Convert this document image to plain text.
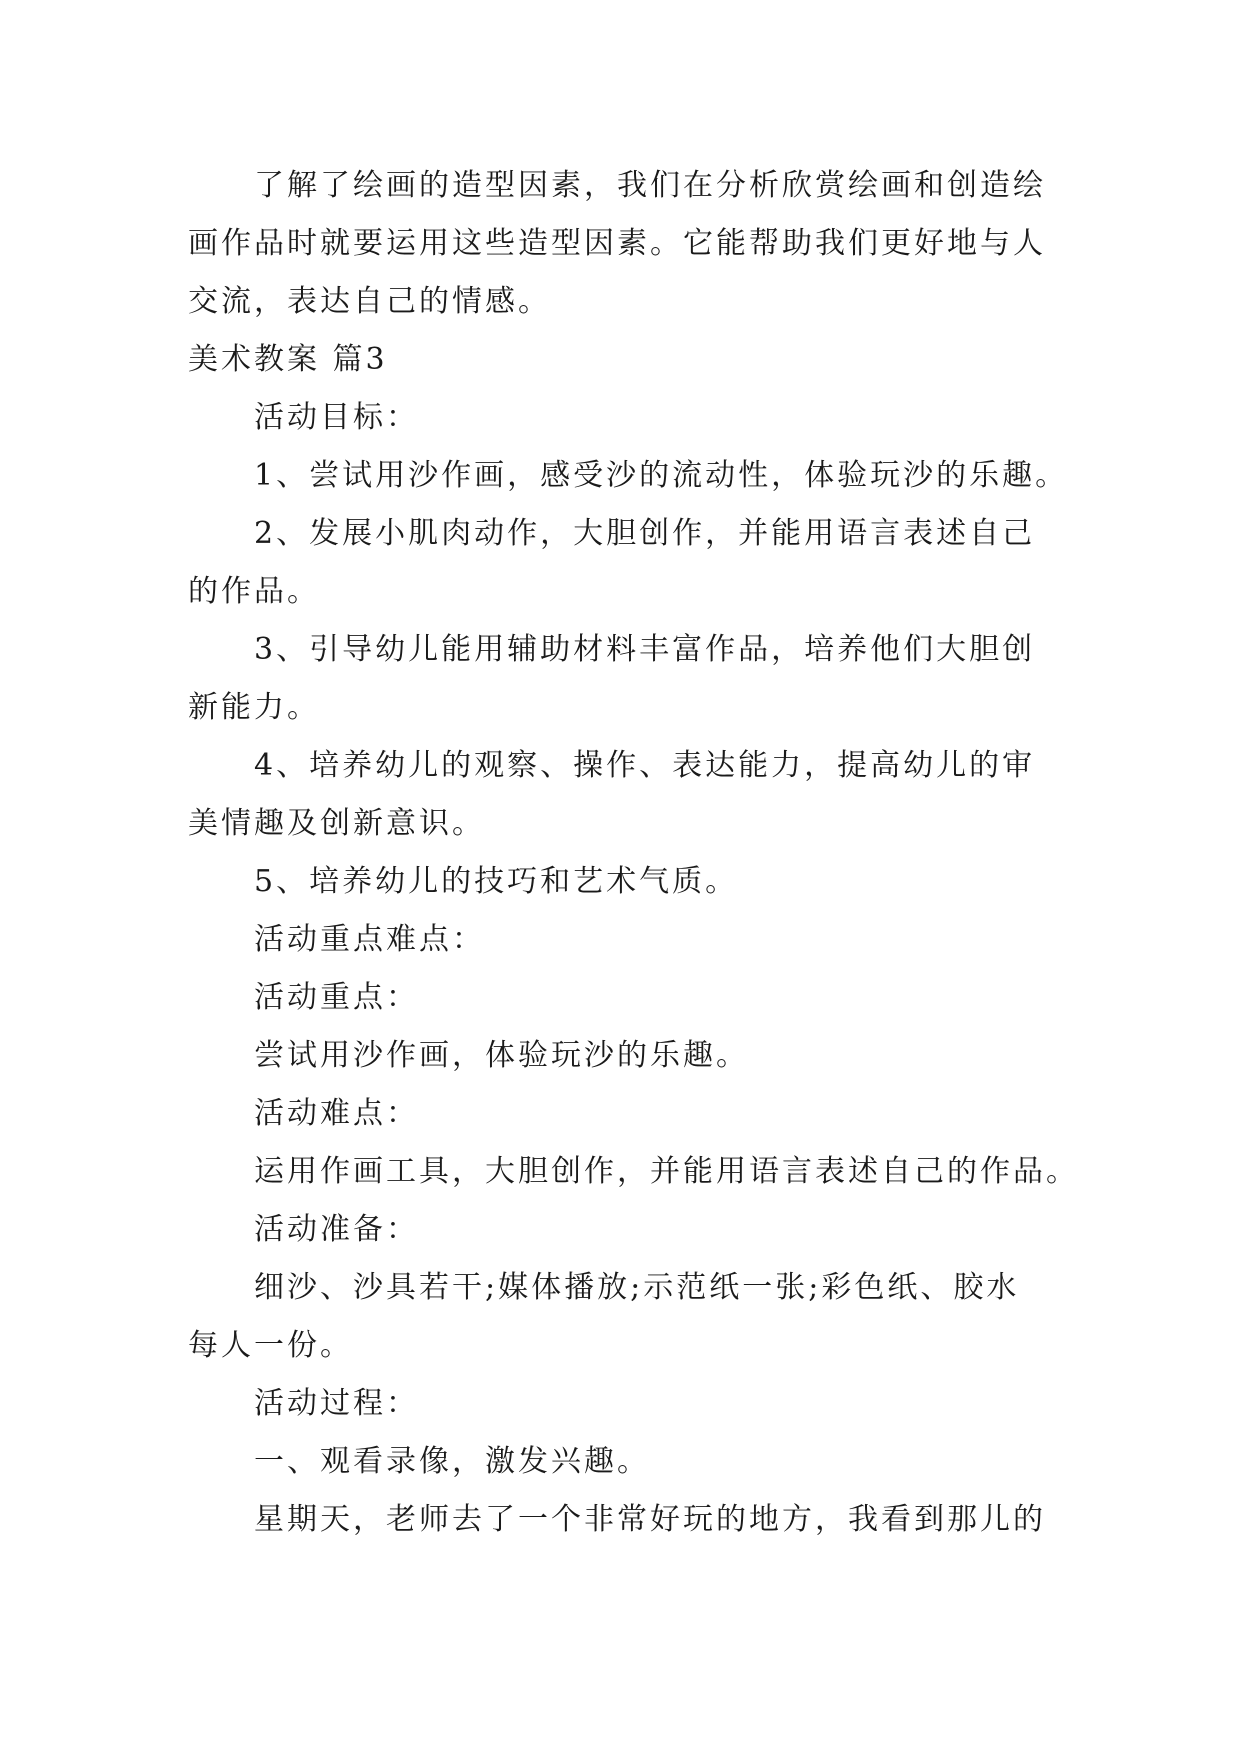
了解了绘画的造型因素，我们在分析欣赏绘画和创造绘
画作品时就要运用这些造型因素。它能帮助我们更好地与人
交流，表达自己的情感。
美术教案 篇3
活动目标：
1、尝试用沙作画，感受沙的流动性，体验玩沙的乐趣。
2、发展小肌肉动作，大胆创作，并能用语言表述自己
的作品。
3、引导幼儿能用辅助材料丰富作品，培养他们大胆创
新能力。
4、培养幼儿的观察、操作、表达能力，提高幼儿的审
美情趣及创新意识。
5、培养幼儿的技巧和艺术气质。
活动重点难点：
活动重点：
尝试用沙作画，体验玩沙的乐趣。
活动难点：
运用作画工具，大胆创作，并能用语言表述自己的作品。
活动准备：
细沙、沙具若干;媒体播放;示范纸一张;彩色纸、胶水
每人一份。
活动过程：
一、观看录像，激发兴趣。
星期天，老师去了一个非常好玩的地方，我看到那儿的
